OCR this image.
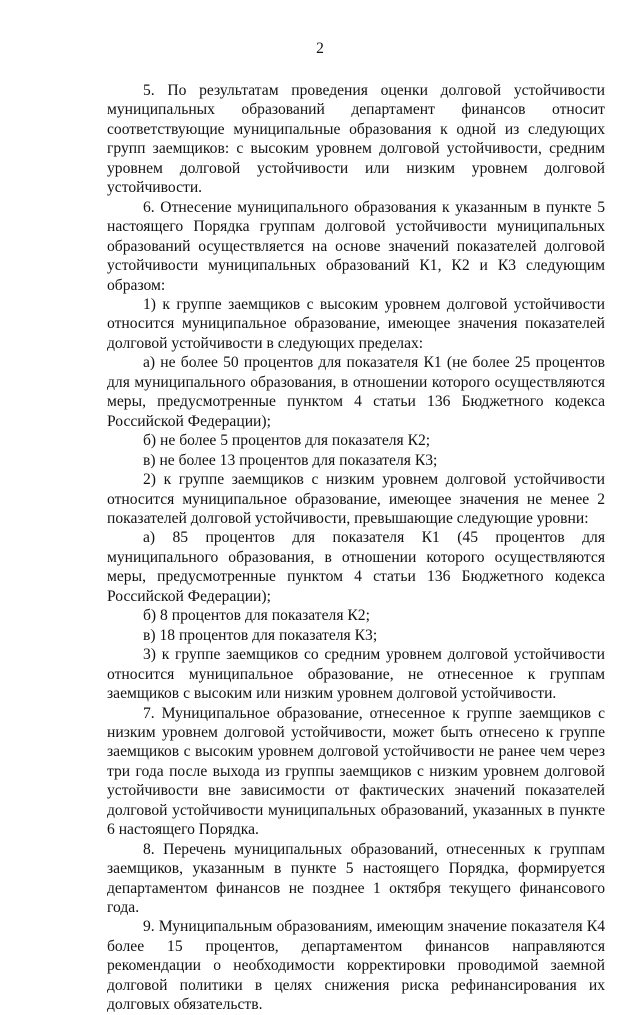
2

5. По результатам проведения оценки долговой устойчивости муниципальных образований департамент финансов относит соответствующие муниципальные образования к одной из следующих групп заемщиков: с высоким уровнем долговой устойчивости, средним уровнем долговой устойчивости или низким уровнем долговой устойчивости.

6. Отнесение муниципального образования к указанным в пункте 5 настоящего Порядка группам долговой устойчивости муниципальных образований осуществляется на основе значений показателей долговой устойчивости муниципальных образований К1, К2 и К3 следующим образом:

1) к группе заемщиков с высоким уровнем долговой устойчивости относится муниципальное образование, имеющее значения показателей долговой устойчивости в следующих пределах:

а) не более 50 процентов для показателя К1 (не более 25 процентов для муниципального образования, в отношении которого осуществляются меры, предусмотренные пунктом 4 статьи 136 Бюджетного кодекса Российской Федерации);

б) не более 5 процентов для показателя К2;

в) не более 13 процентов для показателя К3;

2) к группе заемщиков с низким уровнем долговой устойчивости относится муниципальное образование, имеющее значения не менее 2 показателей долговой устойчивости, превышающие следующие уровни:

а) 85 процентов для показателя К1 (45 процентов для муниципального образования, в отношении которого осуществляются меры, предусмотренные пунктом 4 статьи 136 Бюджетного кодекса Российской Федерации);

б) 8 процентов для показателя К2;

в) 18 процентов для показателя К3;

3) к группе заемщиков со средним уровнем долговой устойчивости относится муниципальное образование, не отнесенное к группам заемщиков с высоким или низким уровнем долговой устойчивости.

7. Муниципальное образование, отнесенное к группе заемщиков с низким уровнем долговой устойчивости, может быть отнесено к группе заемщиков с высоким уровнем долговой устойчивости не ранее чем через три года после выхода из группы заемщиков с низким уровнем долговой устойчивости вне зависимости от фактических значений показателей долговой устойчивости муниципальных образований, указанных в пункте 6 настоящего Порядка.

8. Перечень муниципальных образований, отнесенных к группам заемщиков, указанным в пункте 5 настоящего Порядка, формируется департаментом финансов не позднее 1 октября текущего финансового года.

9. Муниципальным образованиям, имеющим значение показателя К4 более 15 процентов, департаментом финансов направляются рекомендации о необходимости корректировки проводимой заемной долговой политики в целях снижения риска рефинансирования их долговых обязательств.
